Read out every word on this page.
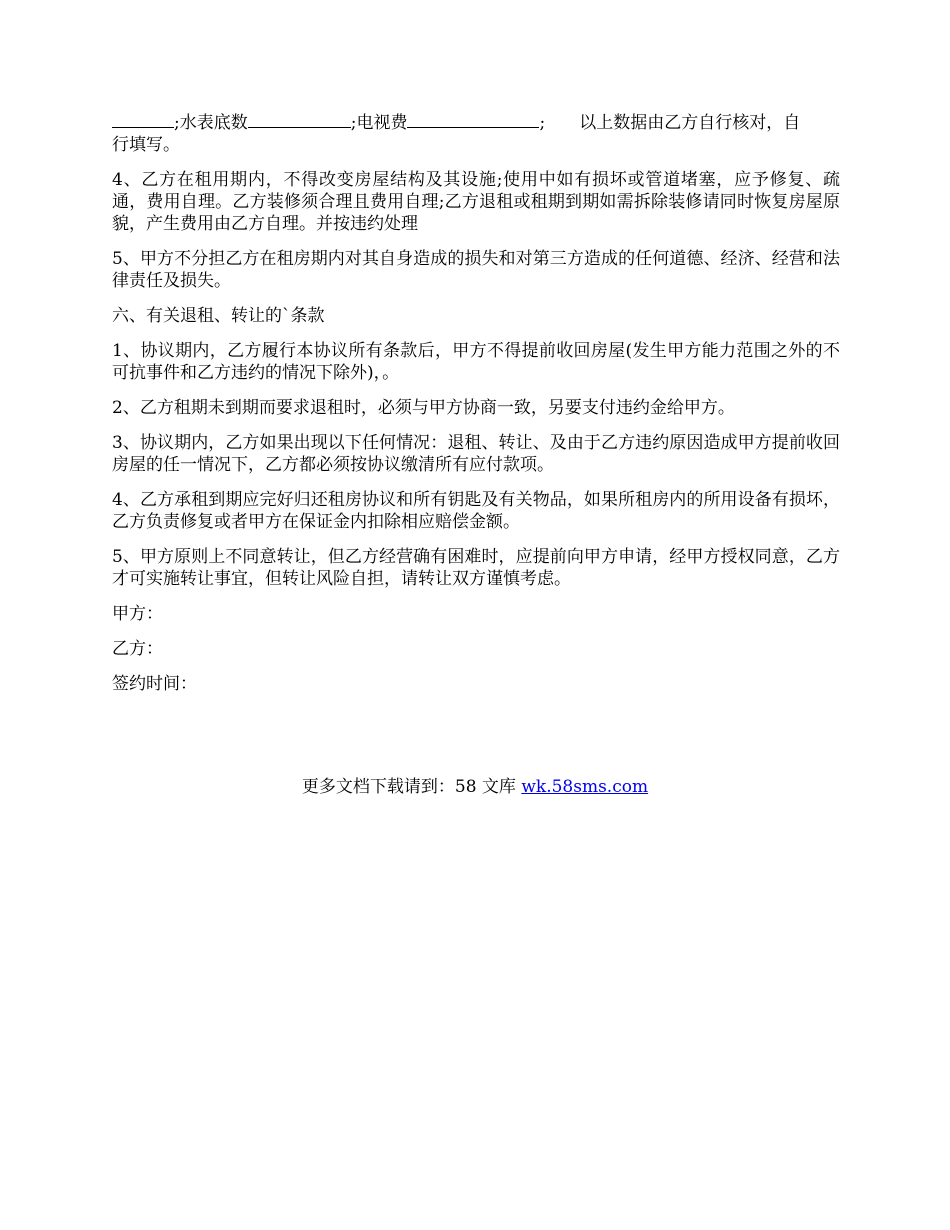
;水表底数	;电视费	; 以上数据由乙方自行核对，自
行填写。

4、乙方在租用期内，不得改变房屋结构及其设施;使用中如有损坏或管道堵塞，应予修复、疏通，费用自理。乙方装修须合理且费用自理;乙方退租或租期到期如需拆除装修请同时恢复房屋原貌，产生费用由乙方自理。并按违约处理

5、甲方不分担乙方在租房期内对其自身造成的损失和对第三方造成的任何道德、经济、经营和法律责任及损失。

六、有关退租、转让的`条款

1、协议期内，乙方履行本协议所有条款后，甲方不得提前收回房屋(发生甲方能力范围之外的不可抗事件和乙方违约的情况下除外)，。

2、乙方租期未到期而要求退租时，必须与甲方协商一致，另要支付违约金给甲方。

3、协议期内，乙方如果出现以下任何情况：退租、转让、及由于乙方违约原因造成甲方提前收回房屋的任一情况下，乙方都必须按协议缴清所有应付款项。

4、乙方承租到期应完好归还租房协议和所有钥匙及有关物品，如果所租房内的所用设备有损坏，乙方负责修复或者甲方在保证金内扣除相应赔偿金额。

5、甲方原则上不同意转让，但乙方经营确有困难时，应提前向甲方申请，经甲方授权同意，乙方才可实施转让事宜，但转让风险自担，请转让双方谨慎考虑。

甲方：

乙方：

签约时间：

更多文档下载请到：58 文库 wk.58sms.com
